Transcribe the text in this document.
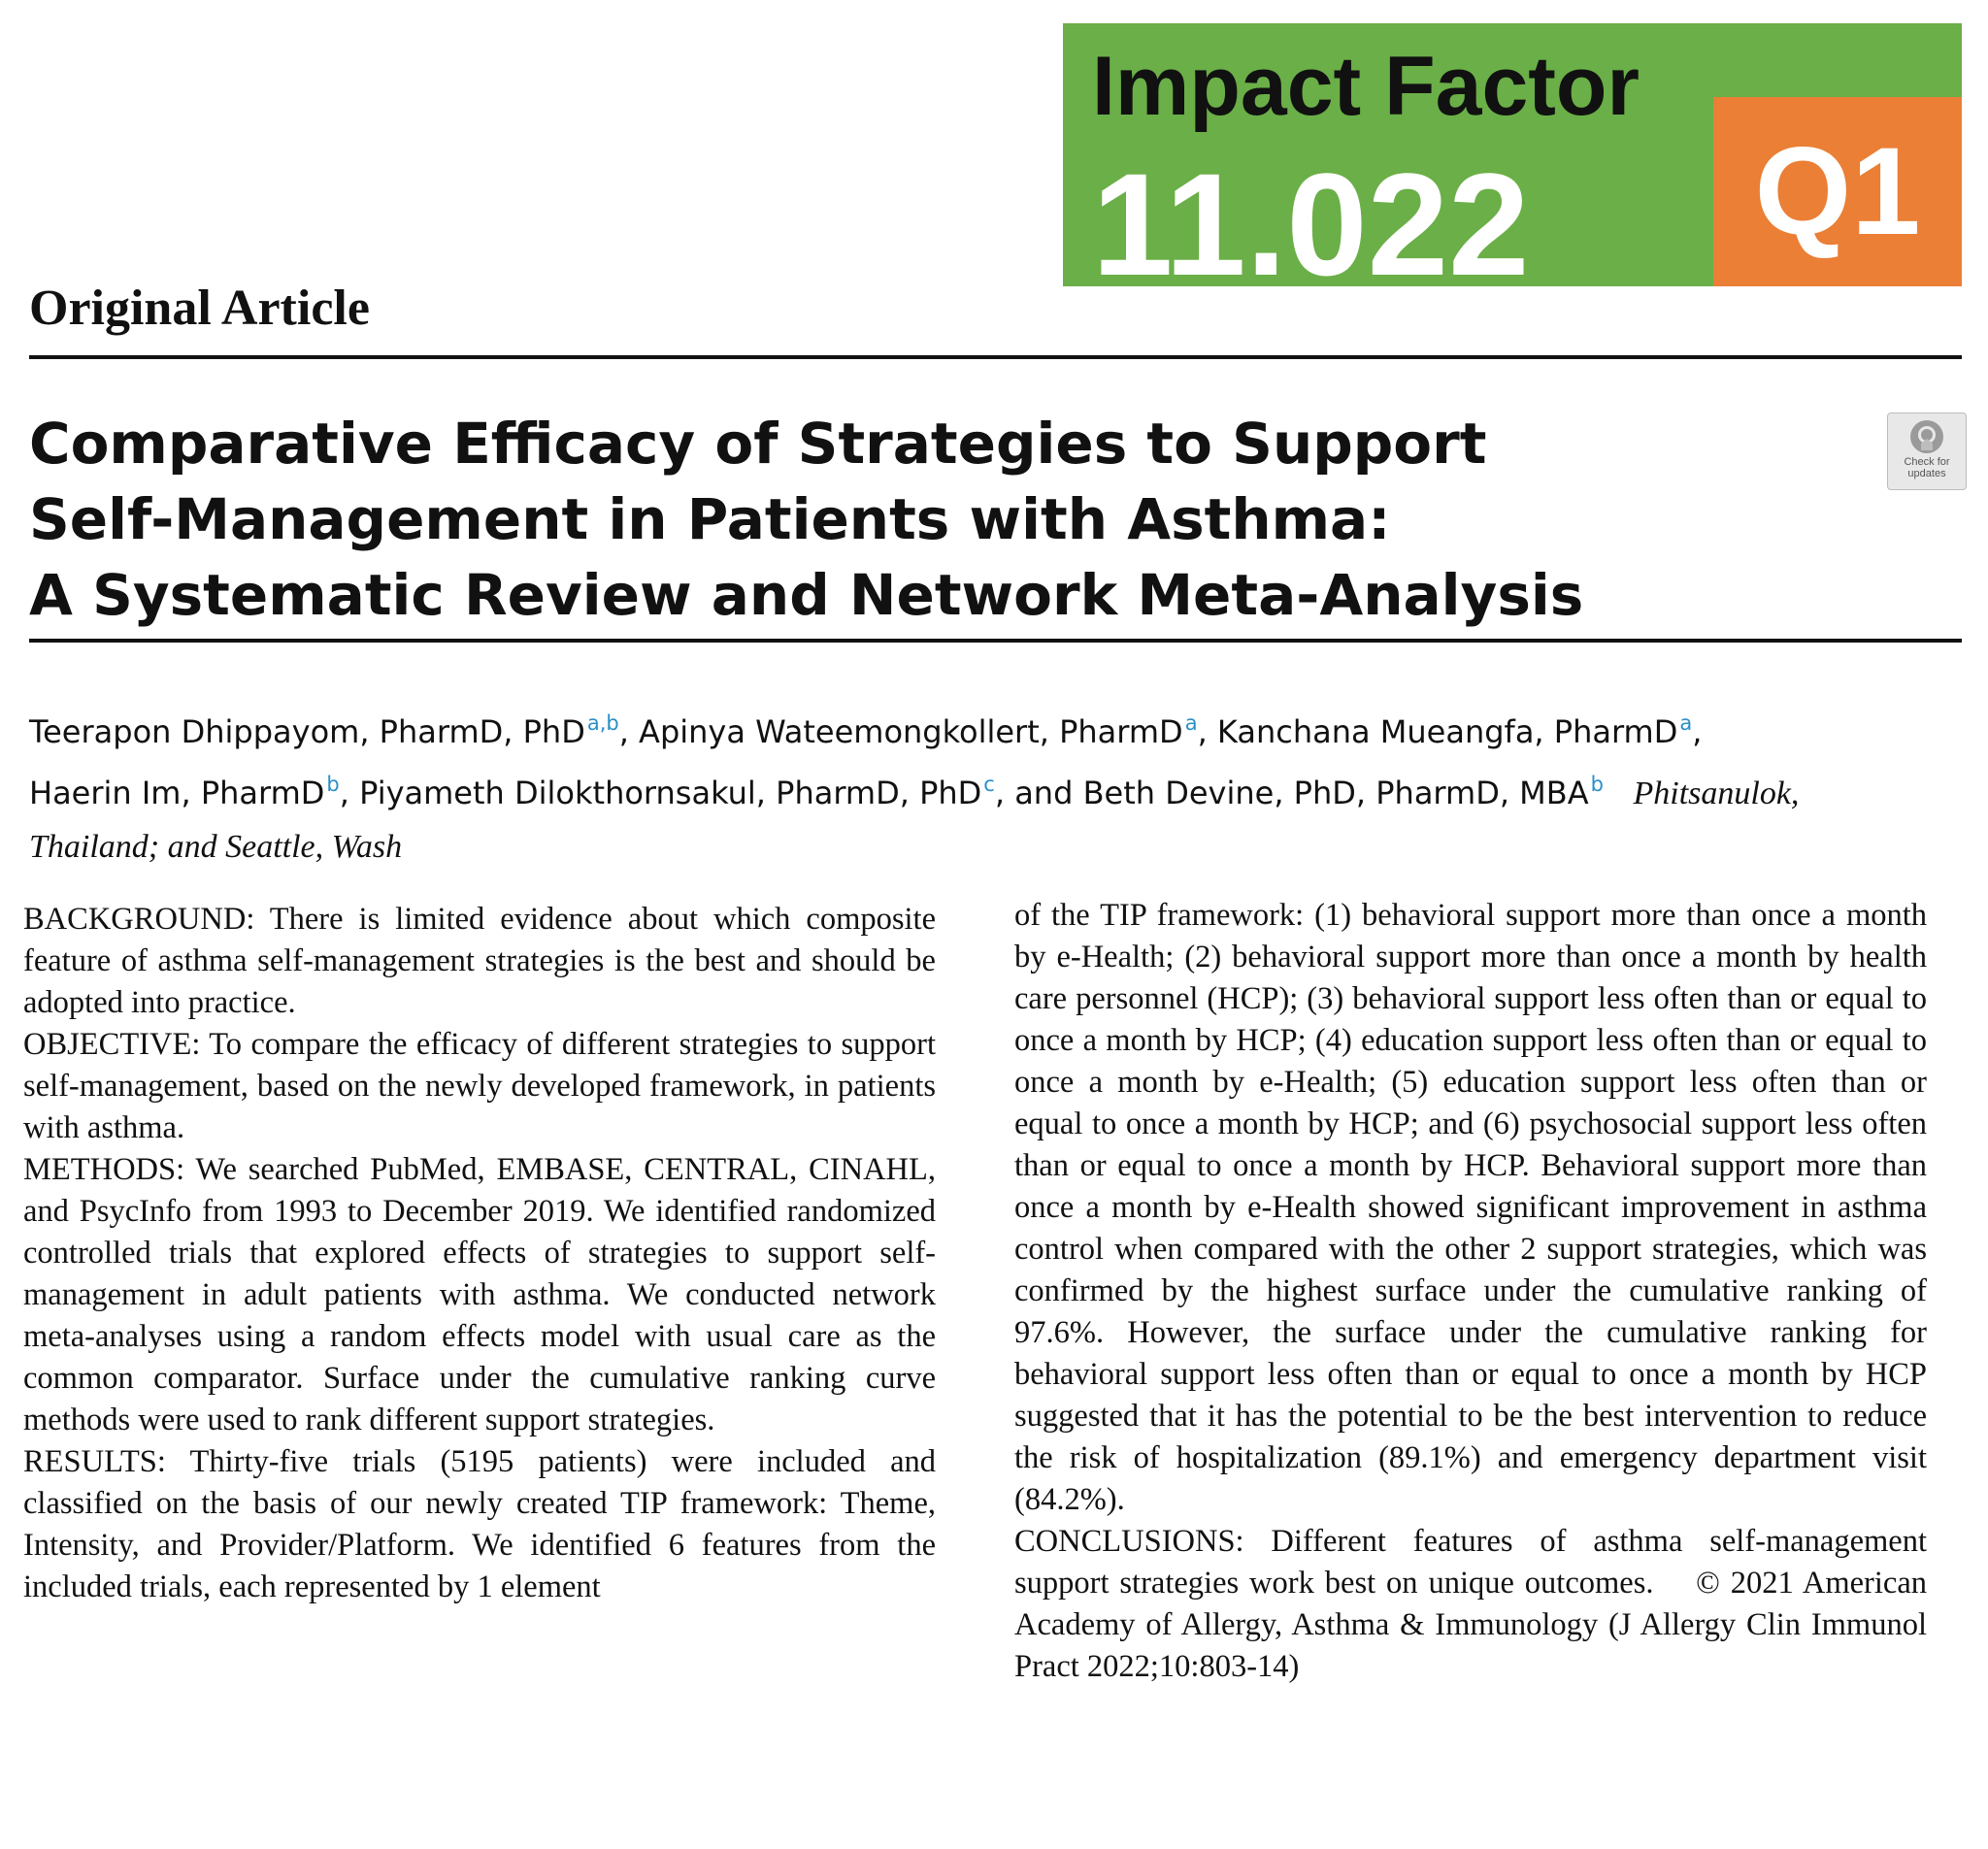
Impact Factor
11.022	Q1
Original Article
Comparative Efficacy of Strategies to Support
Self-Management in Patients with Asthma:
A Systematic Review and Network Meta-Analysis
Check for
updates
Teerapon Dhippayom, PharmD, PhD$^{a,b}$, Apinya Wateemongkollert, PharmD$^a$, Kanchana Mueangfa, PharmD$^a$,
Haerin Im, PharmD$^b$, Piyameth Dilokthornsakul, PharmD, PhD$^c$, and Beth Devine, PhD, PharmD, MBA$^b$ Phitsanulok,
Thailand; and Seattle, Wash

BACKGROUND: There is limited evidence about which composite feature of asthma self-management strategies is the best and should be adopted into practice.

OBJECTIVE: To compare the efficacy of different strategies to support self-management, based on the newly developed framework, in patients with asthma.

METHODS: We searched PubMed, EMBASE, CENTRAL, CINAHL, and PsycInfo from 1993 to December 2019. We identified randomized controlled trials that explored effects of strategies to support self-management in adult patients with asthma. We conducted network meta-analyses using a random effects model with usual care as the common comparator. Surface under the cumulative ranking curve methods were used to rank different support strategies.

RESULTS: Thirty-five trials (5195 patients) were included and classified on the basis of our newly created TIP framework: Theme, Intensity, and Provider/Platform. We identified 6 features from the included trials, each represented by 1 element

of the TIP framework: (1) behavioral support more than once a month by e-Health; (2) behavioral support more than once a month by health care personnel (HCP); (3) behavioral support less often than or equal to once a month by HCP; (4) education support less often than or equal to once a month by e-Health; (5) education support less often than or equal to once a month by HCP; and (6) psychosocial support less often than or equal to once a month by HCP. Behavioral support more than once a month by e-Health showed significant improvement in asthma control when compared with the other 2 support strategies, which was confirmed by the highest surface under the cumulative ranking of 97.6%. However, the surface under the cumulative ranking for behavioral support less often than or equal to once a month by HCP suggested that it has the potential to be the best intervention to reduce the risk of hospitalization (89.1%) and emergency department visit (84.2%).

CONCLUSIONS: Different features of asthma self-management support strategies work best on unique outcomes. © 2021 American Academy of Allergy, Asthma & Immunology (J Allergy Clin Immunol Pract 2022;10:803-14)
